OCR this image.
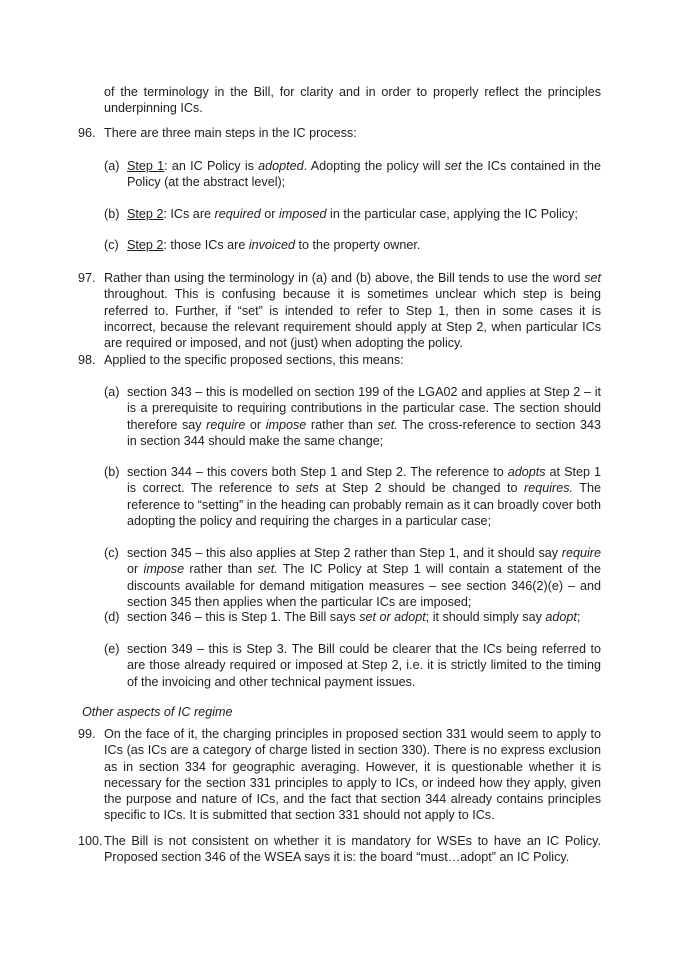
of the terminology in the Bill, for clarity and in order to properly reflect the principles underpinning ICs.
96. There are three main steps in the IC process:
(a) Step 1: an IC Policy is adopted. Adopting the policy will set the ICs contained in the Policy (at the abstract level);
(b) Step 2: ICs are required or imposed in the particular case, applying the IC Policy;
(c) Step 2: those ICs are invoiced to the property owner.
97. Rather than using the terminology in (a) and (b) above, the Bill tends to use the word set throughout. This is confusing because it is sometimes unclear which step is being referred to. Further, if “set” is intended to refer to Step 1, then in some cases it is incorrect, because the relevant requirement should apply at Step 2, when particular ICs are required or imposed, and not (just) when adopting the policy.
98. Applied to the specific proposed sections, this means:
(a) section 343 – this is modelled on section 199 of the LGA02 and applies at Step 2 – it is a prerequisite to requiring contributions in the particular case. The section should therefore say require or impose rather than set. The cross-reference to section 343 in section 344 should make the same change;
(b) section 344 – this covers both Step 1 and Step 2. The reference to adopts at Step 1 is correct. The reference to sets at Step 2 should be changed to requires. The reference to “setting” in the heading can probably remain as it can broadly cover both adopting the policy and requiring the charges in a particular case;
(c) section 345 – this also applies at Step 2 rather than Step 1, and it should say require or impose rather than set. The IC Policy at Step 1 will contain a statement of the discounts available for demand mitigation measures – see section 346(2)(e) – and section 345 then applies when the particular ICs are imposed;
(d) section 346 – this is Step 1. The Bill says set or adopt; it should simply say adopt;
(e) section 349 – this is Step 3. The Bill could be clearer that the ICs being referred to are those already required or imposed at Step 2, i.e. it is strictly limited to the timing of the invoicing and other technical payment issues.
Other aspects of IC regime
99. On the face of it, the charging principles in proposed section 331 would seem to apply to ICs (as ICs are a category of charge listed in section 330). There is no express exclusion as in section 334 for geographic averaging. However, it is questionable whether it is necessary for the section 331 principles to apply to ICs, or indeed how they apply, given the purpose and nature of ICs, and the fact that section 344 already contains principles specific to ICs. It is submitted that section 331 should not apply to ICs.
100. The Bill is not consistent on whether it is mandatory for WSEs to have an IC Policy. Proposed section 346 of the WSEA says it is: the board “must…adopt” an IC Policy.
